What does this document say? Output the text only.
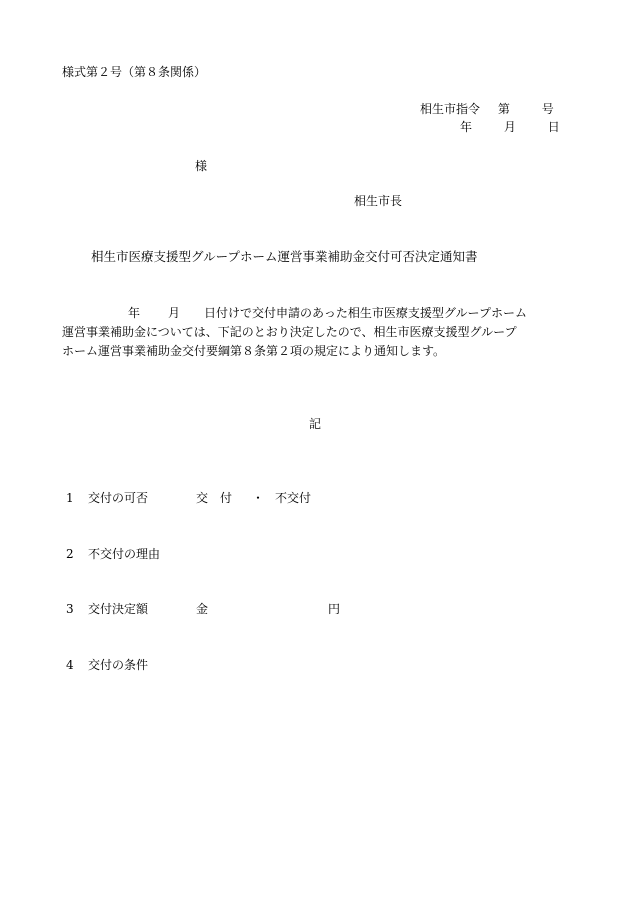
様式第２号（第８条関係）
相生市指令 第	号
年	月	日
様
相生市長
相生市医療支援型グループホーム運営事業補助金交付可否決定通知書
年 月 日付けで交付申請のあった相生市医療支援型グループホーム
運営事業補助金については、下記のとおり決定したので、相生市医療支援型グループ
ホーム運営事業補助金交付要綱第８条第２項の規定により通知します。
記
1 交付の可否	交　付 ・ 不交付
2 不交付の理由
3 交付決定額	金	円
4 交付の条件
